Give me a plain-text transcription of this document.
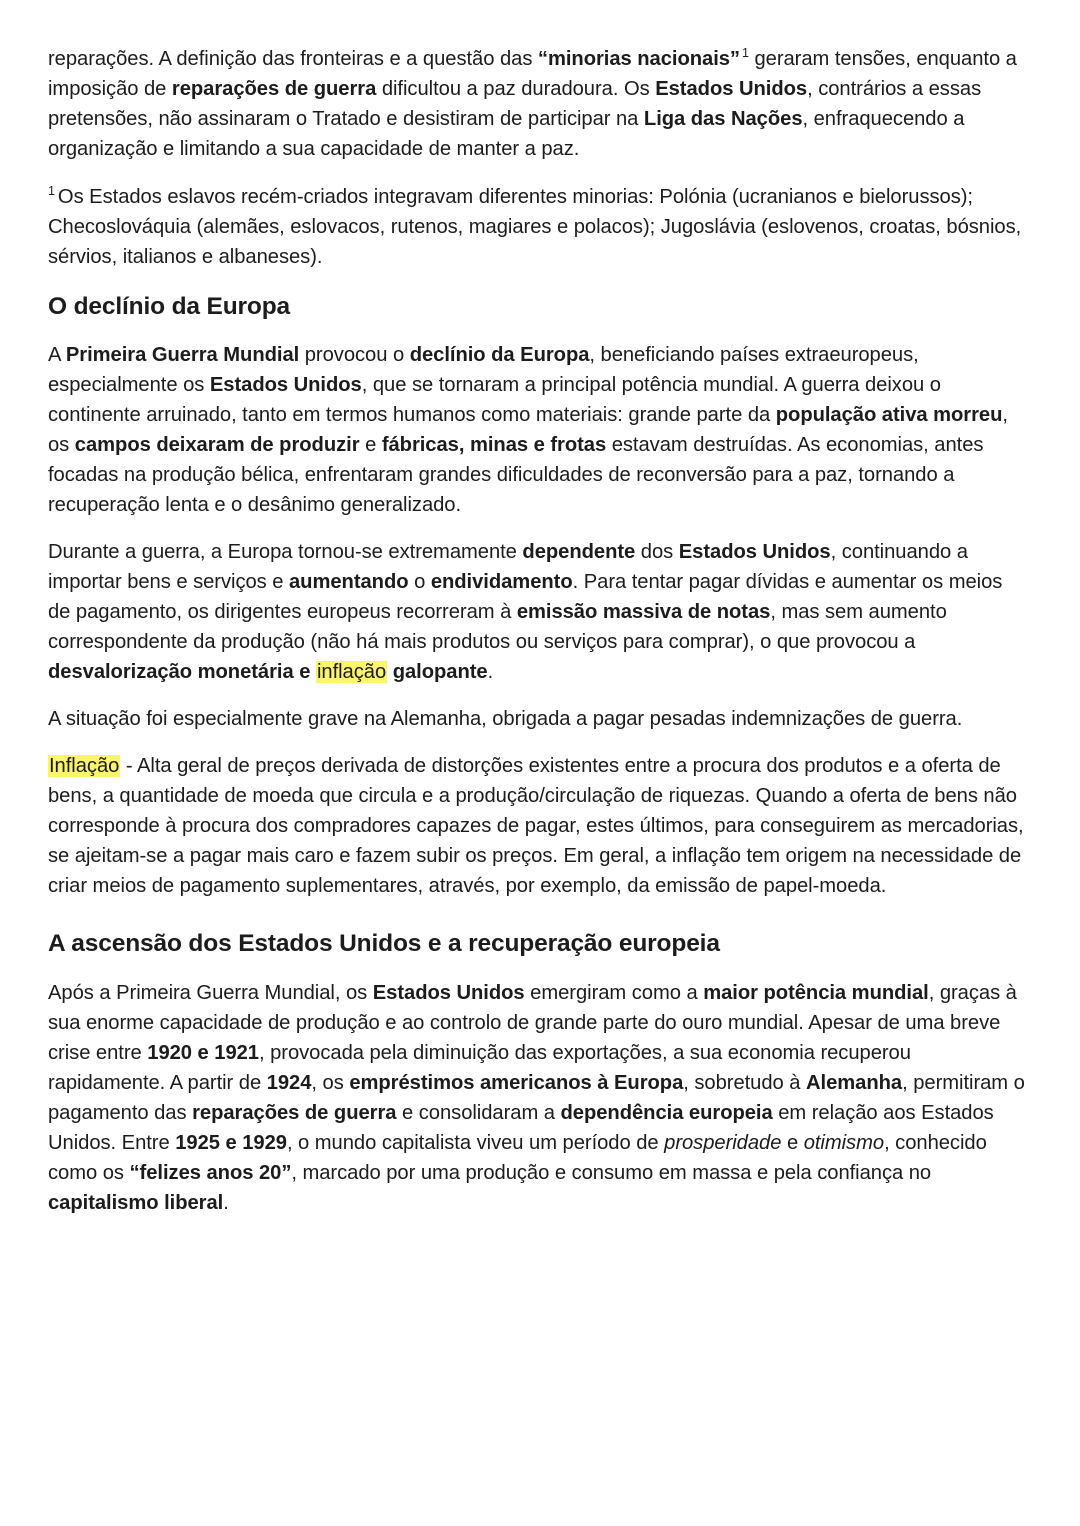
reparações. A definição das fronteiras e a questão das “minorias nacionais” $^1$ geraram tensões, enquanto a imposição de reparações de guerra dificultou a paz duradoura. Os Estados Unidos, contrários a essas pretensões, não assinaram o Tratado e desistiram de participar na Liga das Nações, enfraquecendo a organização e limitando a sua capacidade de manter a paz.

$^1$ Os Estados eslavos recém-criados integravam diferentes minorias: Polónia (ucranianos e bielorussos); Checoslováquia (alemães, eslovacos, rutenos, magiares e polacos); Jugoslávia (eslovenos, croatas, bósnios, sérvios, italianos e albaneses).

O declínio da Europa

A Primeira Guerra Mundial provocou o declínio da Europa, beneficiando países extraeuropeus, especialmente os Estados Unidos, que se tornaram a principal potência mundial. A guerra deixou o continente arruinado, tanto em termos humanos como materiais: grande parte da população ativa morreu, os campos deixaram de produzir e fábricas, minas e frotas estavam destruídas. As economias, antes focadas na produção bélica, enfrentaram grandes dificuldades de reconversão para a paz, tornando a recuperação lenta e o desânimo generalizado.

Durante a guerra, a Europa tornou-se extremamente dependente dos Estados Unidos, continuando a importar bens e serviços e aumentando o endividamento. Para tentar pagar dívidas e aumentar os meios de pagamento, os dirigentes europeus recorreram à emissão massiva de notas, mas sem aumento correspondente da produção (não há mais produtos ou serviços para comprar), o que provocou a desvalorização monetária e inflação galopante.

A situação foi especialmente grave na Alemanha, obrigada a pagar pesadas indemnizações de guerra.

Inflação - Alta geral de preços derivada de distorções existentes entre a procura dos produtos e a oferta de bens, a quantidade de moeda que circula e a produção/circulação de riquezas. Quando a oferta de bens não corresponde à procura dos compradores capazes de pagar, estes últimos, para conseguirem as mercadorias, se ajeitam-se a pagar mais caro e fazem subir os preços. Em geral, a inflação tem origem na necessidade de criar meios de pagamento suplementares, através, por exemplo, da emissão de papel-moeda.

A ascensão dos Estados Unidos e a recuperação europeia

Após a Primeira Guerra Mundial, os Estados Unidos emergiram como a maior potência mundial, graças à sua enorme capacidade de produção e ao controlo de grande parte do ouro mundial. Apesar de uma breve crise entre 1920 e 1921, provocada pela diminuição das exportações, a sua economia recuperou rapidamente. A partir de 1924, os empréstimos americanos à Europa, sobretudo à Alemanha, permitiram o pagamento das reparações de guerra e consolidaram a dependência europeia em relação aos Estados Unidos. Entre 1925 e 1929, o mundo capitalista viveu um período de prosperidade e otimismo, conhecido como os “felizes anos 20”, marcado por uma produção e consumo em massa e pela confiança no capitalismo liberal.
